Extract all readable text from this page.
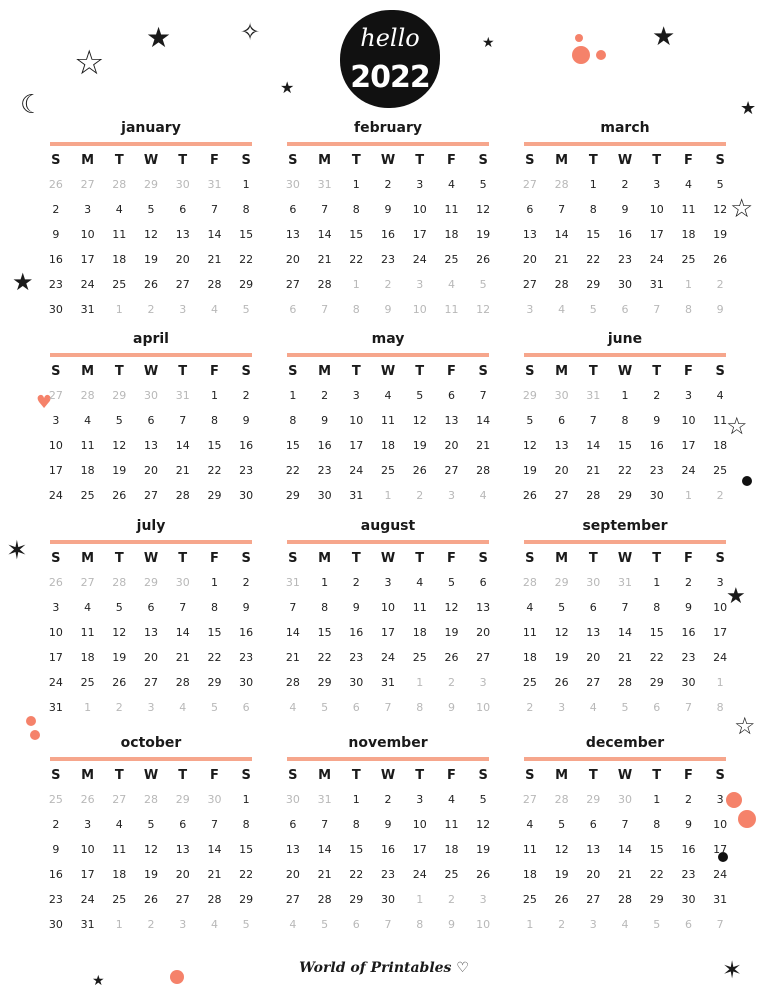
hello
2022
☆
★	✧
☾
★
★	★
★
☆
★
☆
✶
★
☆
★	✶
♥
january
S	M	T	W	T	F	S
26	27	28	29	30	31	1
2	3	4	5	6	7	8
9	10	11	12	13	14	15
16	17	18	19	20	21	22
23	24	25	26	27	28	29
30	31	1	2	3	4	5
february
S	M	T	W	T	F	S
30	31	1	2	3	4	5
6	7	8	9	10	11	12
13	14	15	16	17	18	19
20	21	22	23	24	25	26
27	28	1	2	3	4	5
6	7	8	9	10	11	12
march
S	M	T	W	T	F	S
27	28	1	2	3	4	5
6	7	8	9	10	11	12
13	14	15	16	17	18	19
20	21	22	23	24	25	26
27	28	29	30	31	1	2
3	4	5	6	7	8	9
april
S	M	T	W	T	F	S
27	28	29	30	31	1	2
3	4	5	6	7	8	9
10	11	12	13	14	15	16
17	18	19	20	21	22	23
24	25	26	27	28	29	30
may
S	M	T	W	T	F	S
1	2	3	4	5	6	7
8	9	10	11	12	13	14
15	16	17	18	19	20	21
22	23	24	25	26	27	28
29	30	31	1	2	3	4
june
S	M	T	W	T	F	S
29	30	31	1	2	3	4
5	6	7	8	9	10	11
12	13	14	15	16	17	18
19	20	21	22	23	24	25
26	27	28	29	30	1	2
july
S	M	T	W	T	F	S
26	27	28	29	30	1	2
3	4	5	6	7	8	9
10	11	12	13	14	15	16
17	18	19	20	21	22	23
24	25	26	27	28	29	30
31	1	2	3	4	5	6
august
S	M	T	W	T	F	S
31	1	2	3	4	5	6
7	8	9	10	11	12	13
14	15	16	17	18	19	20
21	22	23	24	25	26	27
28	29	30	31	1	2	3
4	5	6	7	8	9	10
september
S	M	T	W	T	F	S
28	29	30	31	1	2	3
4	5	6	7	8	9	10
11	12	13	14	15	16	17
18	19	20	21	22	23	24
25	26	27	28	29	30	1
2	3	4	5	6	7	8
october
S	M	T	W	T	F	S
25	26	27	28	29	30	1
2	3	4	5	6	7	8
9	10	11	12	13	14	15
16	17	18	19	20	21	22
23	24	25	26	27	28	29
30	31	1	2	3	4	5
november
S	M	T	W	T	F	S
30	31	1	2	3	4	5
6	7	8	9	10	11	12
13	14	15	16	17	18	19
20	21	22	23	24	25	26
27	28	29	30	1	2	3
4	5	6	7	8	9	10
december
S	M	T	W	T	F	S
27	28	29	30	1	2	3
4	5	6	7	8	9	10
11	12	13	14	15	16	17
18	19	20	21	22	23	24
25	26	27	28	29	30	31
1	2	3	4	5	6	7
World of Printables ♡
